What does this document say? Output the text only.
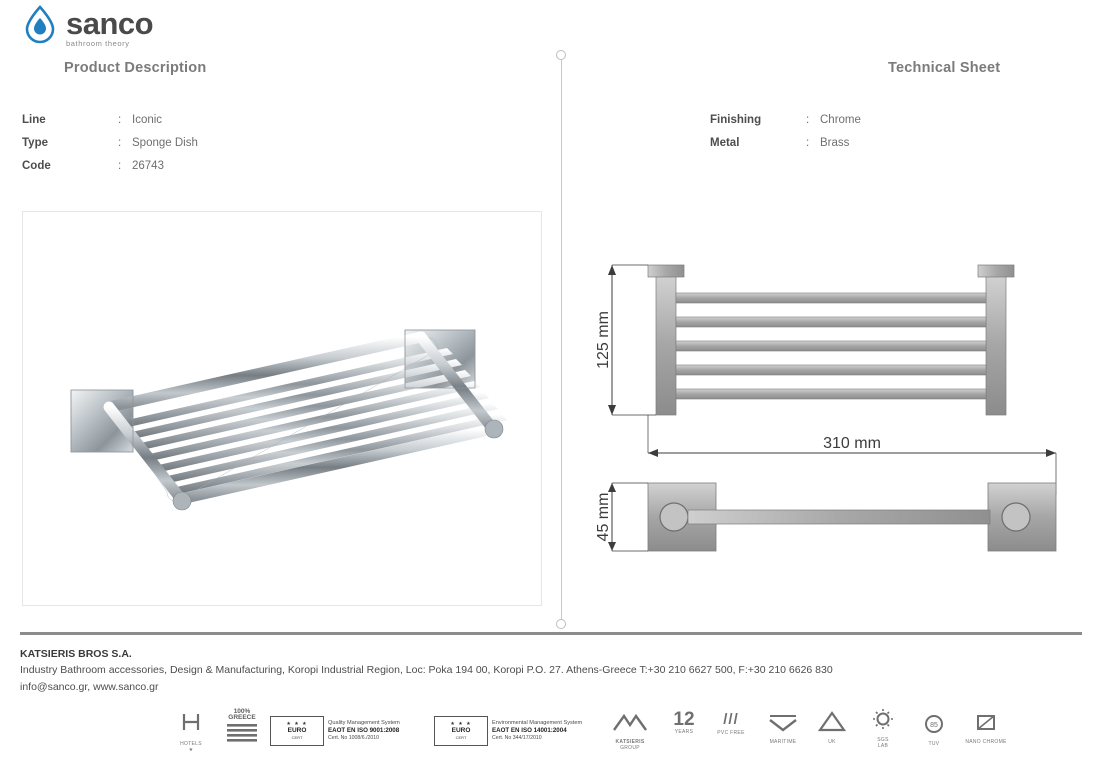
sanco
bathroom theory
Product Description	Technical Sheet
Line	: Iconic
Type	: Sponge Dish
Code	: 26743
Finishing	: Chrome
Metal	: Brass
125 mm
310 mm
45 mm
KATSIERIS BROS S.A.
Industry Bathroom accessories, Design & Manufacturing, Koropi Industrial Region, Loc: Poka 194 00, Koropi P.O. 27. Athens-Greece T:+30 210 6627 500, F:+30 210 6626 830
info@sanco.gr, www.sanco.gr
HOTELS
★
100%
GREECE
★ ★ ★
EURO
CERT
Quality Management System
EAOT EN ISO 9001:2008
Cert. No 1008/6./2010
★ ★ ★
EURO
CERT
Environmental Management System
EAOT EN ISO 14001:2004
Cert. No 344/17/2010
KATSIERIS
GROUP
12
YEARS
///
PVC FREE
MARITIME	UK	SGS
LAB
85
TUV	NANO CHROME
